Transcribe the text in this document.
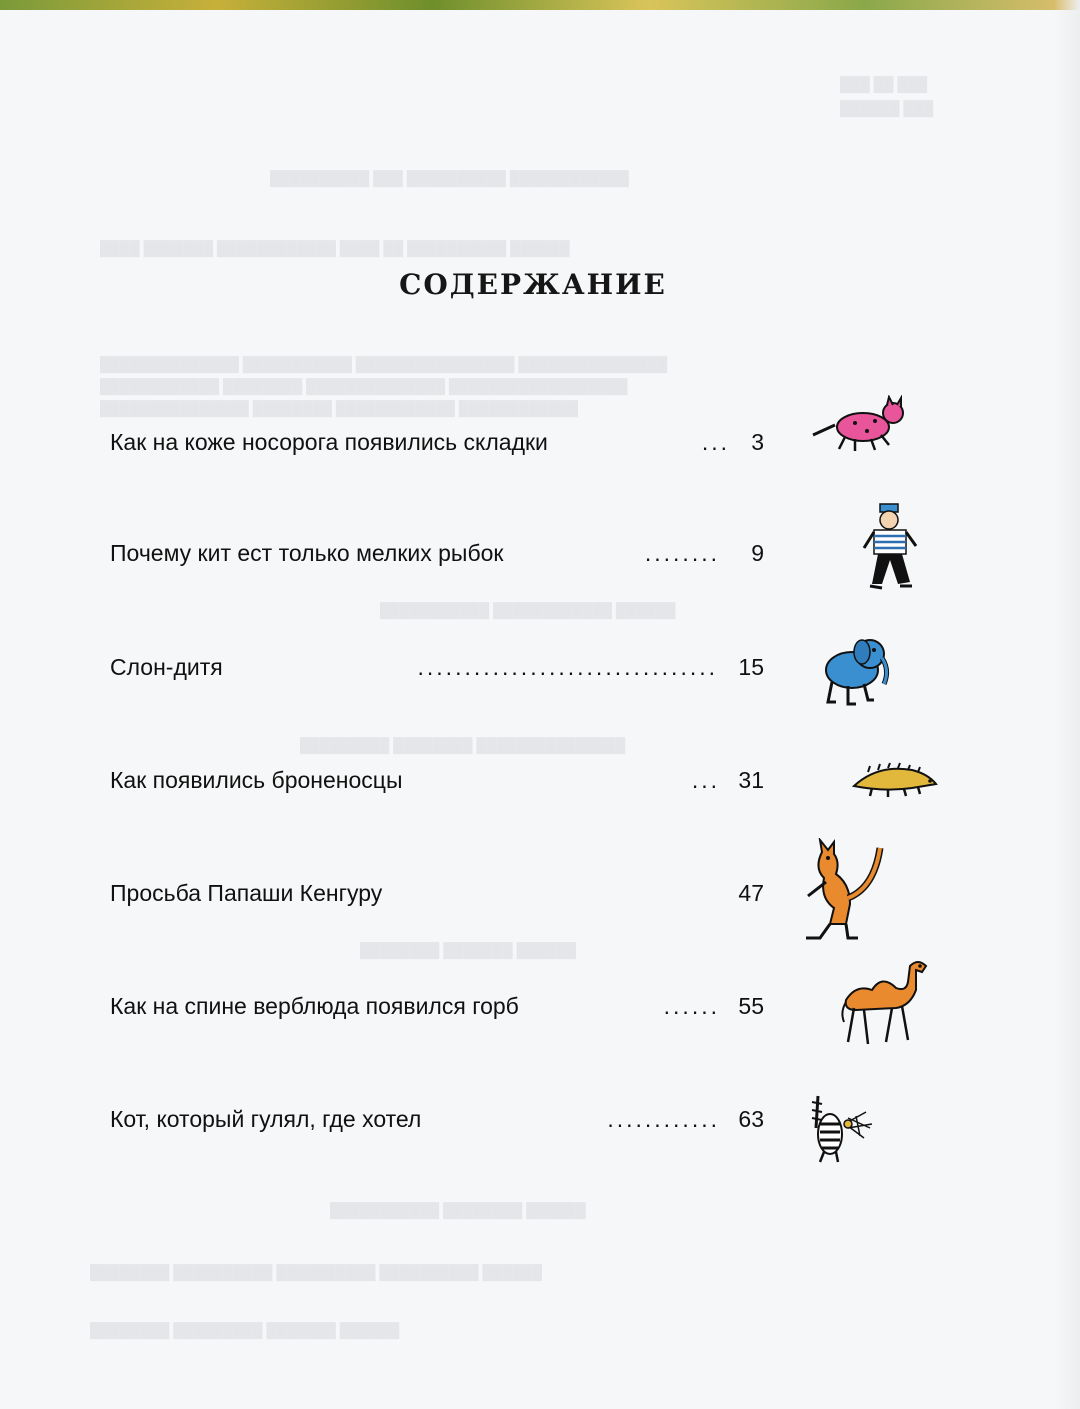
███ ██ ███
██████ ███
██████████ ███ ██████████ ████████████
████ ███████ ████████████ ████ ██ ██████████ ██████
██████████████ ███████████ ████████████████ ███████████████
████████████ ████████ ██████████████ ██████████████████
███████████████ ████████ ████████████ ████████████
███████████ ████████████ ██████
█████████ ████████ ███████████████
████████ ███████ ██████
███████████ ████████ ██████
████████ ██████████ ██████████ ██████████ ██████
████████ █████████ ███████ ██████
СОДЕРЖАНИЕ
Как на коже носорога появились складки	... 3
Почему кит ест только мелких рыбок	........ 9
Слон-дитя	................................ 15
Как появились броненосцы	... 31
Просьба Папаши Кенгуру	47
Как на спине верблюда появился горб	...... 55
Кот, который гулял, где хотел	............ 63
